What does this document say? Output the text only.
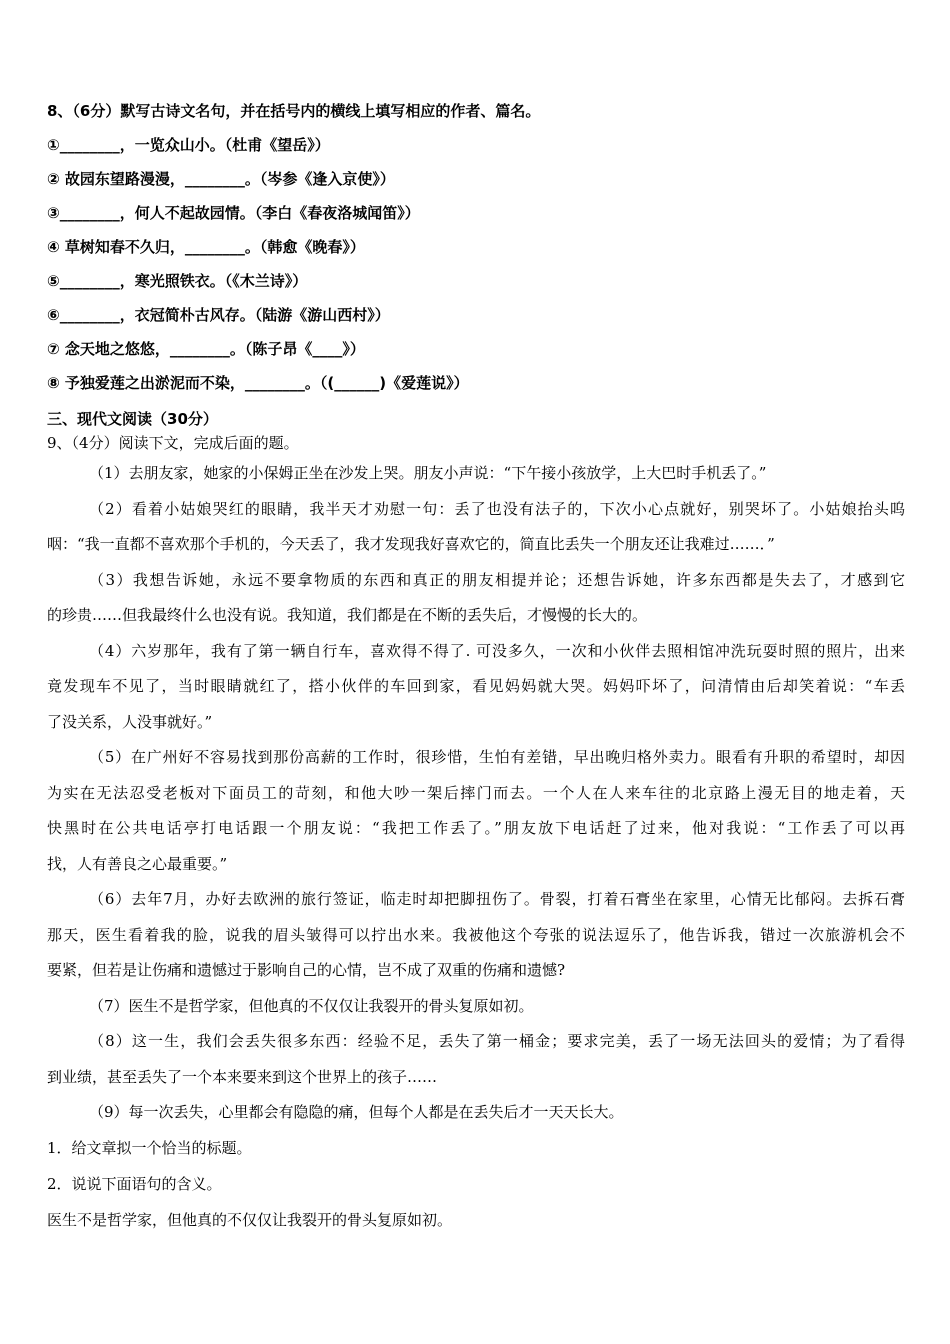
8、（6分）默写古诗文名句，并在括号内的横线上填写相应的作者、篇名。
①________，一览众山小。（杜甫《望岳》）
② 故园东望路漫漫，________。（岑参《逢入京使》）
③________，何人不起故园情。（李白《春夜洛城闻笛》）
④ 草树知春不久归，________。（韩愈《晚春》）
⑤________，寒光照铁衣。（《木兰诗》）
⑥________，衣冠简朴古风存。（陆游《游山西村》）
⑦ 念天地之悠悠，________。（陈子昂《____》）
⑧ 予独爱莲之出淤泥而不染，________。（(______)《爱莲说》）
三、现代文阅读（30分）
9、（4分）阅读下文，完成后面的题。
（1）去朋友家，她家的小保姆正坐在沙发上哭。朋友小声说：“下午接小孩放学，上大巴时手机丢了。”
（2）看着小姑娘哭红的眼睛，我半天才劝慰一句：丢了也没有法子的，下次小心点就好，别哭坏了。小姑娘抬头呜
咽：“我一直都不喜欢那个手机的，今天丢了，我才发现我好喜欢它的，简直比丢失一个朋友还让我难过……．”
（3）我想告诉她，永远不要拿物质的东西和真正的朋友相提并论；还想告诉她，许多东西都是失去了，才感到它
的珍贵……但我最终什么也没有说。我知道，我们都是在不断的丢失后，才慢慢的长大的。
（4）六岁那年，我有了第一辆自行车，喜欢得不得了. 可没多久，一次和小伙伴去照相馆冲洗玩耍时照的照片，出来
竟发现车不见了，当时眼睛就红了，搭小伙伴的车回到家，看见妈妈就大哭。妈妈吓坏了，问清情由后却笑着说：“车丢
了没关系，人没事就好。”
（5）在广州好不容易找到那份高薪的工作时，很珍惜，生怕有差错，早出晚归格外卖力。眼看有升职的希望时，却因
为实在无法忍受老板对下面员工的苛刻，和他大吵一架后摔门而去。一个人在人来车往的北京路上漫无目的地走着，天
快黑时在公共电话亭打电话跟一个朋友说：“我把工作丢了。”朋友放下电话赶了过来，他对我说：“工作丢了可以再
找，人有善良之心最重要。”
（6）去年7月，办好去欧洲的旅行签证，临走时却把脚扭伤了。骨裂，打着石膏坐在家里，心情无比郁闷。去拆石膏
那天，医生看着我的脸，说我的眉头皱得可以拧出水来。我被他这个夸张的说法逗乐了，他告诉我，错过一次旅游机会不
要紧，但若是让伤痛和遗憾过于影响自己的心情，岂不成了双重的伤痛和遗憾?
（7）医生不是哲学家，但他真的不仅仅让我裂开的骨头复原如初。
（8）这一生，我们会丢失很多东西：经验不足，丢失了第一桶金；要求完美，丢了一场无法回头的爱情；为了看得
到业绩，甚至丢失了一个本来要来到这个世界上的孩子……
（9）每一次丢失，心里都会有隐隐的痛，但每个人都是在丢失后才一天天长大。
1．给文章拟一个恰当的标题。
2．说说下面语句的含义。
医生不是哲学家，但他真的不仅仅让我裂开的骨头复原如初。
